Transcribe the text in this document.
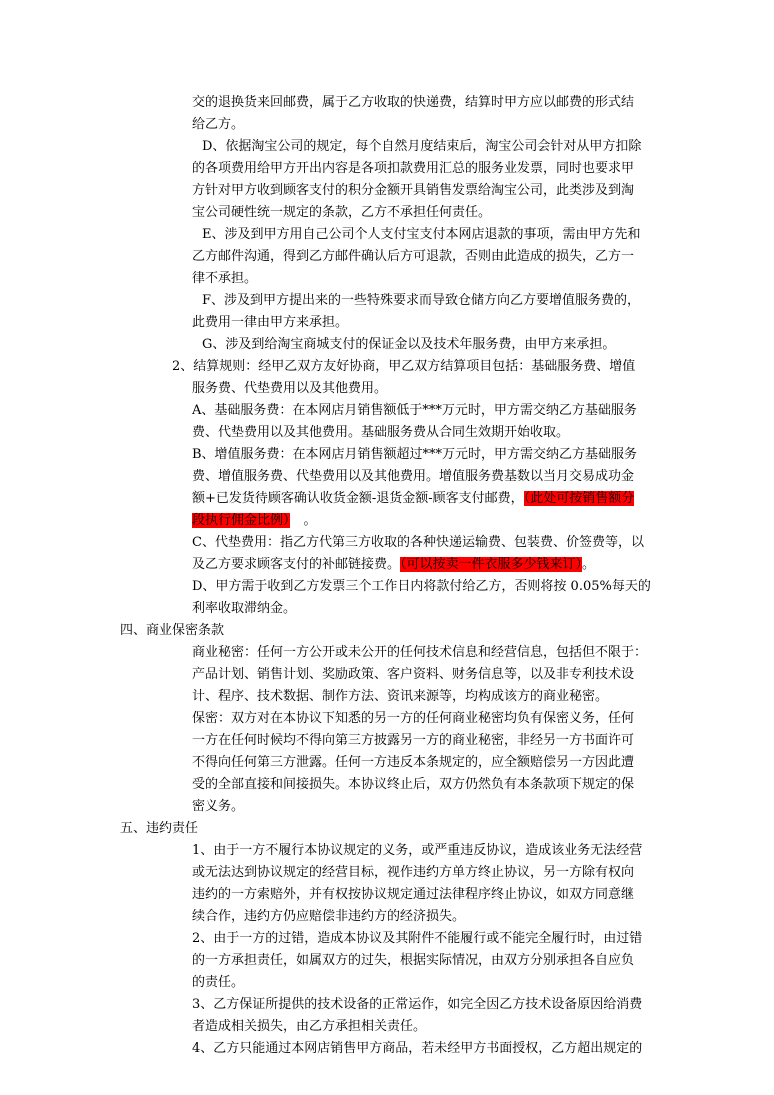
交的退换货来回邮费，属于乙方收取的快递费，结算时甲方应以邮费的形式结
给乙方。
D、依据淘宝公司的规定，每个自然月度结束后，淘宝公司会针对从甲方扣除
的各项费用给甲方开出内容是各项扣款费用汇总的服务业发票，同时也要求甲
方针对甲方收到顾客支付的积分金额开具销售发票给淘宝公司，此类涉及到淘
宝公司硬性统一规定的条款，乙方不承担任何责任。
E、涉及到甲方用自己公司个人支付宝支付本网店退款的事项，需由甲方先和
乙方邮件沟通，得到乙方邮件确认后方可退款，否则由此造成的损失，乙方一
律不承担。
F、涉及到甲方提出来的一些特殊要求而导致仓储方向乙方要增值服务费的，
此费用一律由甲方来承担。
G、涉及到给淘宝商城支付的保证金以及技术年服务费，由甲方来承担。
2、结算规则：经甲乙双方友好协商，甲乙双方结算项目包括：基础服务费、增值
服务费、代垫费用以及其他费用。
A、基础服务费：在本网店月销售额低于***万元时，甲方需交纳乙方基础服务
费、代垫费用以及其他费用。基础服务费从合同生效期开始收取。
B、增值服务费：在本网店月销售额超过***万元时，甲方需交纳乙方基础服务
费、增值服务费、代垫费用以及其他费用。增值服务费基数以当月交易成功金
额+已发货待顾客确认收货金额-退货金额-顾客支付邮费，（此处可按销售额分
段执行佣金比例） 。
C、代垫费用：指乙方代第三方收取的各种快递运输费、包装费、价签费等，以
及乙方要求顾客支付的补邮链接费。（可以按卖一件衣服多少钱来订）。
D、甲方需于收到乙方发票三个工作日内将款付给乙方，否则将按 0.05%每天的
利率收取滞纳金。
四、商业保密条款
商业秘密：任何一方公开或未公开的任何技术信息和经营信息，包括但不限于：
产品计划、销售计划、奖励政策、客户资料、财务信息等，以及非专利技术设
计、程序、技术数据、制作方法、资讯来源等，均构成该方的商业秘密。
保密：双方对在本协议下知悉的另一方的任何商业秘密均负有保密义务，任何
一方在任何时候均不得向第三方披露另一方的商业秘密，非经另一方书面许可
不得向任何第三方泄露。任何一方违反本条规定的，应全额赔偿另一方因此遭
受的全部直接和间接损失。本协议终止后，双方仍然负有本条款项下规定的保
密义务。
五、违约责任
1、由于一方不履行本协议规定的义务，或严重违反协议，造成该业务无法经营
或无法达到协议规定的经营目标，视作违约方单方终止协议，另一方除有权向
违约的一方索赔外，并有权按协议规定通过法律程序终止协议，如双方同意继
续合作，违约方仍应赔偿非违约方的经济损失。
2、由于一方的过错，造成本协议及其附件不能履行或不能完全履行时，由过错
的一方承担责任，如属双方的过失，根据实际情况，由双方分别承担各自应负
的责任。
3、乙方保证所提供的技术设备的正常运作，如完全因乙方技术设备原因给消费
者造成相关损失，由乙方承担相关责任。
4、乙方只能通过本网店销售甲方商品，若未经甲方书面授权，乙方超出规定的
